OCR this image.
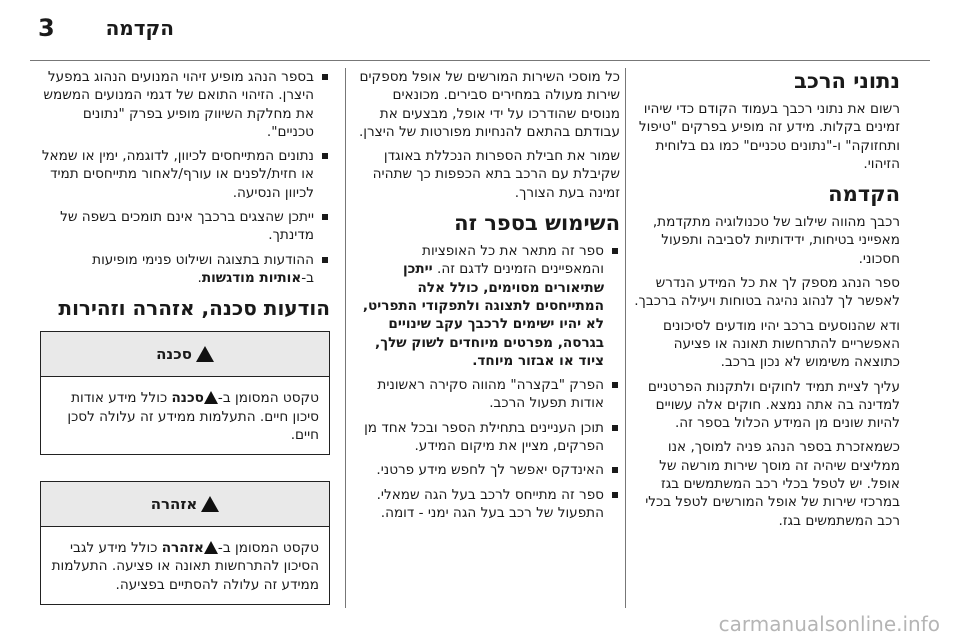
3	הקדמה
נתוני הרכב

רשום את נתוני רכבך בעמוד הקודם כדי שיהיו זמינים בקלות. מידע זה מופיע בפרקים "טיפול ותחזוקה" ו-"נתונים טכניים" כמו גם בלוחית הזיהוי.

הקדמה

רכבך מהווה שילוב של טכנולוגיה מתקדמת, מאפייני בטיחות, ידידותיות לסביבה ותפעול חסכוני.

ספר הנהג מספק לך את כל המידע הנדרש לאפשר לך לנהוג נהיגה בטוחות ויעילה ברכבך.

ודא שהנוסעים ברכב יהיו מודעים לסיכונים האפשריים להתרחשות תאונה או פציעה כתוצאה משימוש לא נכון ברכב.

עליך לציית תמיד לחוקים ולתקנות הפרטניים למדינה בה אתה נמצא. חוקים אלה עשויים להיות שונים מן המידע הכלול בספר זה.

כשמאזכרת בספר הנהג פניה למוסך, אנו ממליצים שיהיה זה מוסך שירות מורשה של אופל. יש לטפל בכלי רכב המשתמשים בגז במרכזי שירות של אופל המורשים לטפל בכלי רכב המשתמשים בגז.

כל מוסכי השירות המורשים של אופל מספקים שירות מעולה במחירים סבירים. מכונאים מנוסים שהודרכו על ידי אופל, מבצעים את עבודתם בהתאם להנחיות מפורטות של היצרן.

שמור את חבילת הספרות הנכללת באוגדן שקיבלת עם הרכב בתא הכפפות כך שתהיה זמינה בעת הצורך.

השימוש בספר זה
ספר זה מתאר את כל האופציות והמאפיינים הזמינים לדגם זה. ייתכן שתיאורים מסוימים, כולל אלה המתייחסים לתצוגה ולתפקודי התפריט, לא יהיו ישימים לרכבך עקב שינויים בגרסה, מפרטים מיוחדים לשוק שלך, ציוד או אבזור מיוחד.
הפרק "בקצרה" מהווה סקירה ראשונית אודות תפעול הרכב.
תוכן העניינים בתחילת הספר ובכל אחד מן הפרקים, מציין את מיקום המידע.
האינדקס יאפשר לך לחפש מידע פרטני.
ספר זה מתייחס לרכב בעל הגה שמאלי. התפעול של רכב בעל הגה ימני - דומה.
בספר הנהג מופיע זיהוי המנועים הנהוג במפעל היצרן. הזיהוי התואם של דגמי המנועים המשמש את מחלקת השיווק מופיע בפרק "נתונים טכניים".
נתונים המתייחסים לכיוון, לדוגמה, ימין או שמאל או חזית/לפנים או עורף/לאחור מתייחסים תמיד לכיוון הנסיעה.
ייתכן שהצגים ברכבך אינם תומכים בשפה של מדינתך.
ההודעות בתצוגה ושילוט פנימי מופיעות ב-אותיות מודגשות.
הודעות סכנה, אזהרה וזהירות
סכנה
טקסט המסומן ב-סכנה כולל מידע אודות סיכון חיים. התעלמות ממידע זה עלולה לסכן חיים.
אזהרה
טקסט המסומן ב-אזהרה כולל מידע לגבי הסיכון להתרחשות תאונה או פציעה. התעלמות ממידע זה עלולה להסתיים בפציעה.
carmanualsonline.info
